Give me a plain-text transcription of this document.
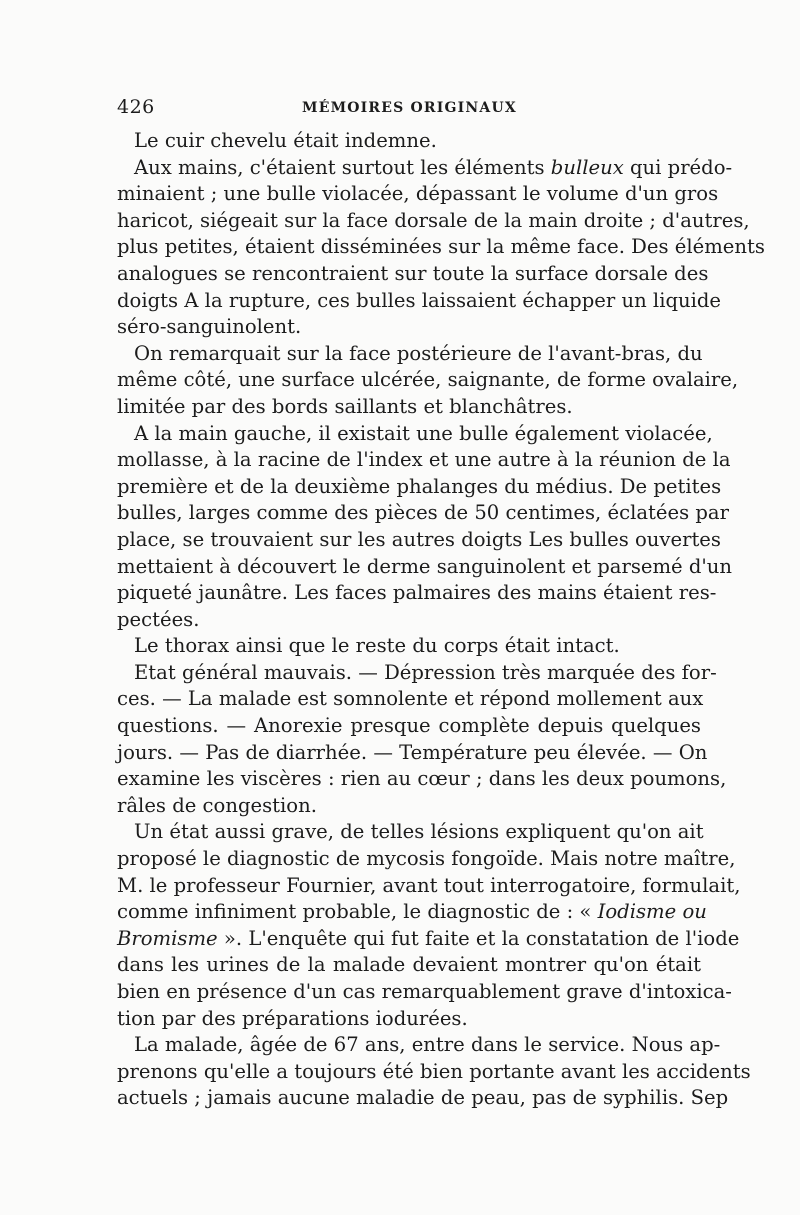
426	MÉMOIRES ORIGINAUX
Le cuir chevelu était indemne.
Aux mains, c'étaient surtout les éléments bulleux qui prédo-
minaient ; une bulle violacée, dépassant le volume d'un gros
haricot, siégeait sur la face dorsale de la main droite ; d'autres,
plus petites, étaient disséminées sur la même face. Des éléments
analogues se rencontraient sur toute la surface dorsale des
doigts A la rupture, ces bulles laissaient échapper un liquide
séro-sanguinolent.
On remarquait sur la face postérieure de l'avant-bras, du
même côté, une surface ulcérée, saignante, de forme ovalaire,
limitée par des bords saillants et blanchâtres.
A la main gauche, il existait une bulle également violacée,
mollasse, à la racine de l'index et une autre à la réunion de la
première et de la deuxième phalanges du médius. De petites
bulles, larges comme des pièces de 50 centimes, éclatées par
place, se trouvaient sur les autres doigts Les bulles ouvertes
mettaient à découvert le derme sanguinolent et parsemé d'un
piqueté jaunâtre. Les faces palmaires des mains étaient res-
pectées.
Le thorax ainsi que le reste du corps était intact.
Etat général mauvais. — Dépression très marquée des for-
ces. — La malade est somnolente et répond mollement aux
questions. — Anorexie presque complète depuis quelques
jours. — Pas de diarrhée. — Température peu élevée. — On
examine les viscères : rien au cœur ; dans les deux poumons,
râles de congestion.
Un état aussi grave, de telles lésions expliquent qu'on ait
proposé le diagnostic de mycosis fongoïde. Mais notre maître,
M. le professeur Fournier, avant tout interrogatoire, formulait,
comme infiniment probable, le diagnostic de : « Iodisme ou
Bromisme ». L'enquête qui fut faite et la constatation de l'iode
dans les urines de la malade devaient montrer qu'on était
bien en présence d'un cas remarquablement grave d'intoxica-
tion par des préparations iodurées.
La malade, âgée de 67 ans, entre dans le service. Nous ap-
prenons qu'elle a toujours été bien portante avant les accidents
actuels ; jamais aucune maladie de peau, pas de syphilis. Sep
